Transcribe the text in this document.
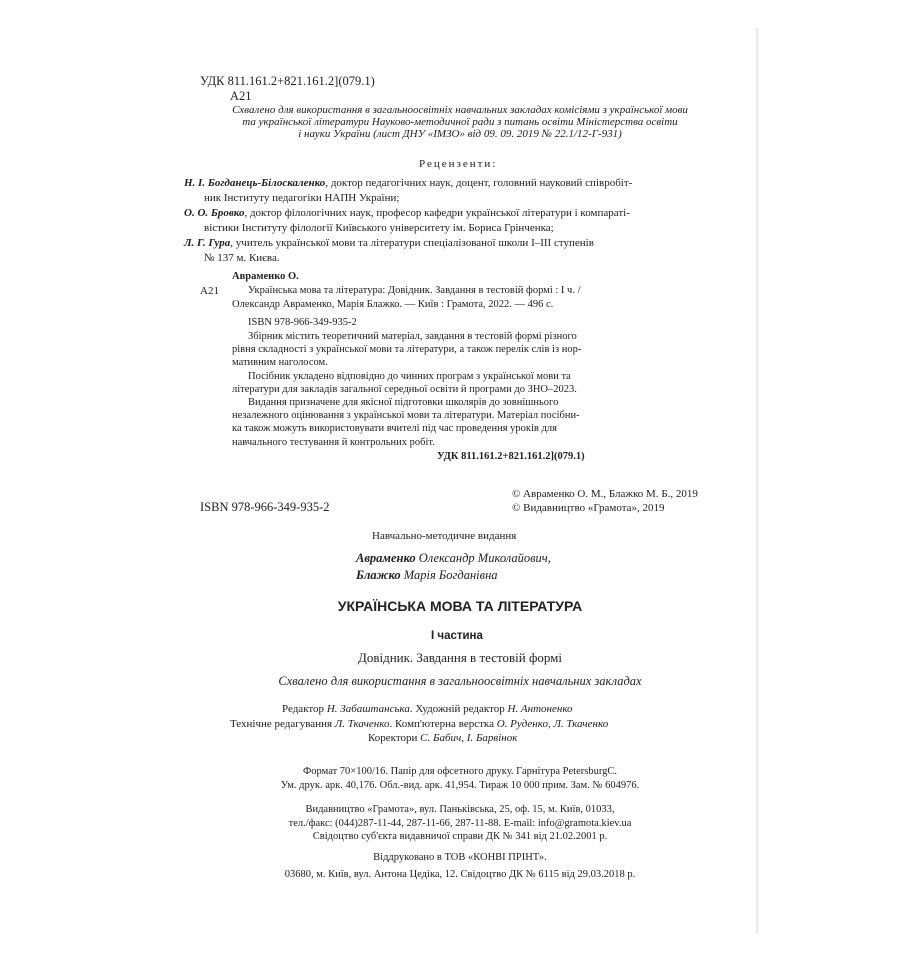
УДК 811.161.2+821.161.2](079.1)
А21
Схвалено для використання в загальноосвітніх навчальних закладах комісіями з української мови
та української літератури Науково-методичної ради з питань освіти Міністерства освіти
і науки України (лист ДНУ «ІМЗО» від 09. 09. 2019 № 22.1/12-Г-931)
Рецензенти:
Н. І. Богданець-Білоскаленко, доктор педагогічних наук, доцент, головний науковий співробіт-
ник Інституту педагогіки НАПН України;
О. О. Бровко, доктор філологічних наук, професор кафедри української літератури і компараті-
вістики Інституту філології Київського університету ім. Бориса Грінченка;
Л. Г. Гура, учитель української мови та літератури спеціалізованої школи І–ІІІ ступенів
№ 137 м. Києва.
Авраменко О.
А21	Українська мова та література: Довідник. Завдання в тестовій формі : І ч. /
Олександр Авраменко, Марія Блажко. — Київ : Грамота, 2022. — 496 с.
ISBN 978-966-349-935-2
Збірник містить теоретичний матеріал, завдання в тестовій формі різного
рівня складності з української мови та літератури, а також перелік слів із нор-
мативним наголосом.
Посібник укладено відповідно до чинних програм з української мови та
літератури для закладів загальної середньої освіти й програми до ЗНО–2023.
Видання призначене для якісної підготовки школярів до зовнішнього
незалежного оцінювання з української мови та літератури. Матеріал посібни-
ка також можуть використовувати вчителі під час проведення уроків для
навчального тестування й контрольних робіт.
УДК 811.161.2+821.161.2](079.1)
© Авраменко О. М., Блажко М. Б., 2019
ISBN 978-966-349-935-2	© Видавництво «Грамота», 2019
Навчально-методичне видання
Авраменко Олександр Миколайович,
Блажко Марія Богданівна
УКРАЇНСЬКА МОВА ТА ЛІТЕРАТУРА
І частина
Довідник. Завдання в тестовій формі
Схвалено для використання в загальноосвітніх навчальних закладах
Редактор Н. Забаштанська. Художній редактор Н. Антоненко
Технічне редагування Л. Ткаченко. Комп'ютерна верстка О. Руденко, Л. Ткаченко
Коректори С. Бабич, І. Барвінок
Формат 70×100/16. Папір для офсетного друку. Гарнітура PetersburgC.
Ум. друк. арк. 40,176. Обл.-вид. арк. 41,954. Тираж 10 000 прим. Зам. № 604976.
Видавництво «Грамота», вул. Паньківська, 25, оф. 15, м. Київ, 01033,
тел./факс: (044)287-11-44, 287-11-66, 287-11-88. E-mail: info@gramota.kiev.ua
Свідоцтво суб'єкта видавничої справи ДК № 341 від 21.02.2001 р.
Віддруковано в ТОВ «КОНВІ ПРІНТ».
03680, м. Київ, вул. Антона Цедіка, 12. Свідоцтво ДК № 6115 від 29.03.2018 р.
